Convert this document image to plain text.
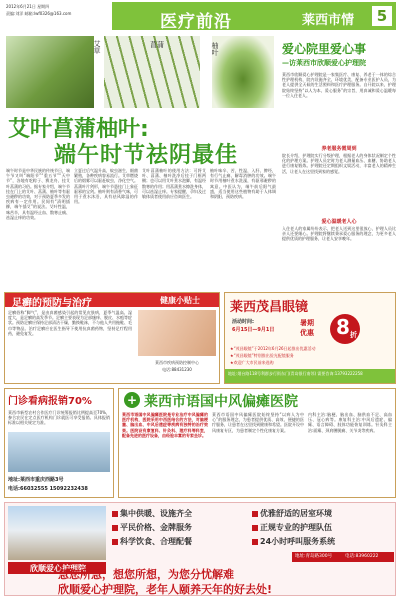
2012年6月21日 星期四
责编:刘洋 邮箱:lwf0326@163.com	医疗前沿	莱西市情	5
艾草	菖蒲	柚叶
艾叶菖蒲柚叶:
端午时节祛阴最佳
端午时节是中华民族的传统节日，端午节又叫“端阳节”“重五节”“天中节”，各地有吃粽子、赛龙舟、挂艾叶菖蒲的习俗。据专家介绍，端午节挂在门上的艾叶、菖蒲、柚叶等有驱虫避秽的功效，对于预防夏季多发的疾病有一定作用。民间有“清明插柳，端午插艾”的说法。艾叶性温，味苦辛，具有温经止血、散寒止痛、祛湿止痒的功效。
立夏过后气温升高，蚊虫滋生，细菌繁殖，各种疾病容易流行。艾草燃烧后的烟雾可以驱赶蚊虫，净化空气。菖蒲叶片剑形，端午节悬挂门上象征驱邪的宝剑。柚叶则有清香气味，可用于煮水沐浴，具有祛风除湿的作用。
艾叶菖蒲柚叶的使用方法：可将艾叶、菖蒲、柚叶洗净后挂于门框两侧；也可以用艾叶煮水泡脚，有温经散寒的作用；用菖蒲煮水擦洗身体，可以祛湿止痒。专家提醒，孕妇及过敏体质者使用前应咨询医生。
柚叶味辛、苦，性温，入肝、脾经，有行气止痛、解毒消肿的功效。端午时节用柚叶煮水洗澡，有驱邪避秽的寓意。中医认为，端午前后阳气最盛，适当使用这些植物有助于人体调和阴阳，预防疾病。
爱心院里爱心事
—访莱西市欣顺爱心护理院
莱西市欣顺爱心护理院是一家集医疗、康复、养老于一体的综合性护理机构，院内设施齐全、环境优美，配备专业医护人员，为老人提供全天候的生活照料和医疗护理服务。自开院以来，护理院始终坚持“以人为本、爱心服务”的宗旨，用真诚和爱心温暖每一位入住老人。
养老服务需周到
院长介绍，护理院实行分级护理，根据老人的身体状况制定个性化的护理方案。护理人员定时为老人测量血压、血糖，协助老人进行康复锻炼。护理院还定期组织文娱活动，丰富老人的精神生活，让老人在这里找到家的感觉。
爱心温暖老人心
入住老人的家属纷纷表示，把老人送到这里很放心，护理人员比亲人还要细心。护理院将继续秉承爱心服务的理念，为更多老人提供优质的护理服务，让老人安享晚年。
足癣的预防与治疗	健康小贴士
足癣俗称“脚气”，是由真菌感染引起的常见皮肤病，夏季气温高、湿度大，是足癣的高发季节。足癣主要表现为足部瘙痒、脱皮、水疱等症状。预防足癣应保持足部清洁干燥，勤换鞋袜，不与他人共用拖鞋、毛巾等物品。治疗足癣应在医生指导下使用抗真菌药物，坚持足疗程用药，避免复发。
莱西市疾病预防控制中心
电话:88431230
莱西茂昌眼镜
活动时间:
6月15日—9月1日
暑期
优惠 8 折
★“茂昌眼镜”于2012年6月26日起推出优惠活动
★“茂昌眼镜”特别推出验光配镜服务
★欢迎广大市民前来选购
地址:烟台路118号利群步行街东门(青岛银行南邻) 需要咨询:13793222258
门诊看病报销70%
莱西市新型农村合作医疗门诊统筹报销比例提高至70%，参合农民在定点医疗机构门诊就医可享受报销。具体报销标准以相关规定为准。
地址:莱西市重庆西路3号
电话:66032555 15092232438
+ 莱西市语国中风偏瘫医院
莱西市语国中风偏瘫医院是专业治疗中风偏瘫的医疗机构，医院采用中西医结合的方法，对脑梗塞、脑出血、中风后遗症等疾病有独特的治疗效果。医院设有康复科、针灸科、理疗科等科室，配备先进的医疗设备，由经验丰富的专家坐诊。
莱西市语国中风偏瘫医院始终坚持“以病人为中心”的服务理念，为患者提供优质、高效、便捷的医疗服务，让患者在这里找到健康和希望。医院开设中风康复专区，为患者制定个性化康复方案。
内科主治:脑梗、脑出血、脑供血不足、高血压、冠心病等。康复科主治:中风后遗症、偏瘫、语言障碍、肢体功能恢复训练。针灸科主治:面瘫、颈肩腰腿痛、关节炎等疾病。
欣顺爱心护理院
集中供暖、设施齐全	优雅舒适的居室环境
平民价格、金牌服务	正规专业的护理队伍
科学饮食、合理配餐	24小时呼叫服务系统
地址:青岛路300号	电话:83960222
急您所急，想您所想，为您分忧解难
欣顺爱心护理院，老年人颐养天年的好去处!
